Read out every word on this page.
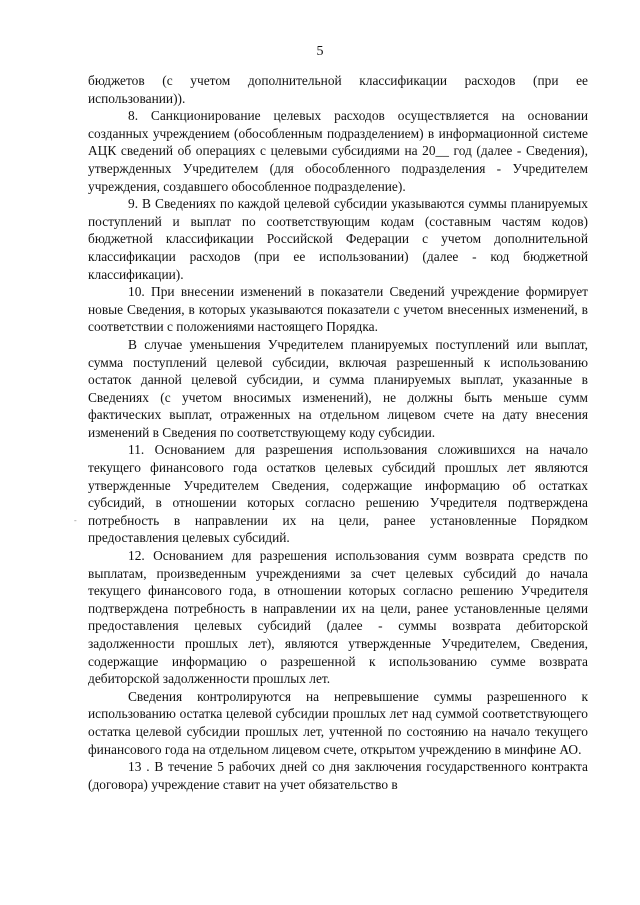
5

бюджетов (с учетом дополнительной классификации расходов (при ее использовании)).

8. Санкционирование целевых расходов осуществляется на основании созданных учреждением (обособленным подразделением) в информационной системе АЦК сведений об операциях с целевыми субсидиями на 20__ год (далее - Сведения), утвержденных Учредителем (для обособленного подразделения - Учредителем учреждения, создавшего обособленное подразделение).

9. В Сведениях по каждой целевой субсидии указываются суммы планируемых поступлений и выплат по соответствующим кодам (составным частям кодов) бюджетной классификации Российской Федерации с учетом дополнительной классификации расходов (при ее использовании) (далее - код бюджетной классификации).

10. При внесении изменений в показатели Сведений учреждение формирует новые Сведения, в которых указываются показатели с учетом внесенных изменений, в соответствии с положениями настоящего Порядка.

В случае уменьшения Учредителем планируемых поступлений или выплат, сумма поступлений целевой субсидии, включая разрешенный к использованию остаток данной целевой субсидии, и сумма планируемых выплат, указанные в Сведениях (с учетом вносимых изменений), не должны быть меньше сумм фактических выплат, отраженных на отдельном лицевом счете на дату внесения изменений в Сведения по соответствующему коду субсидии.

11. Основанием для разрешения использования сложившихся на начало текущего финансового года остатков целевых субсидий прошлых лет являются утвержденные Учредителем Сведения, содержащие информацию об остатках субсидий, в отношении которых согласно решению Учредителя подтверждена потребность в направлении их на цели, ранее установленные Порядком предоставления целевых субсидий.

12. Основанием для разрешения использования сумм возврата средств по выплатам, произведенным учреждениями за счет целевых субсидий до начала текущего финансового года, в отношении которых согласно решению Учредителя подтверждена потребность в направлении их на цели, ранее установленные целями предоставления целевых субсидий (далее - суммы возврата дебиторской задолженности прошлых лет), являются утвержденные Учредителем, Сведения, содержащие информацию о разрешенной к использованию сумме возврата дебиторской задолженности прошлых лет.

Сведения контролируются на непревышение суммы разрешенного к использованию остатка целевой субсидии прошлых лет над суммой соответствующего остатка целевой субсидии прошлых лет, учтенной по состоянию на начало текущего финансового года на отдельном лицевом счете, открытом учреждению в минфине АО.

13 . В течение 5 рабочих дней со дня заключения государственного контракта (договора) учреждение ставит на учет обязательство в

-
